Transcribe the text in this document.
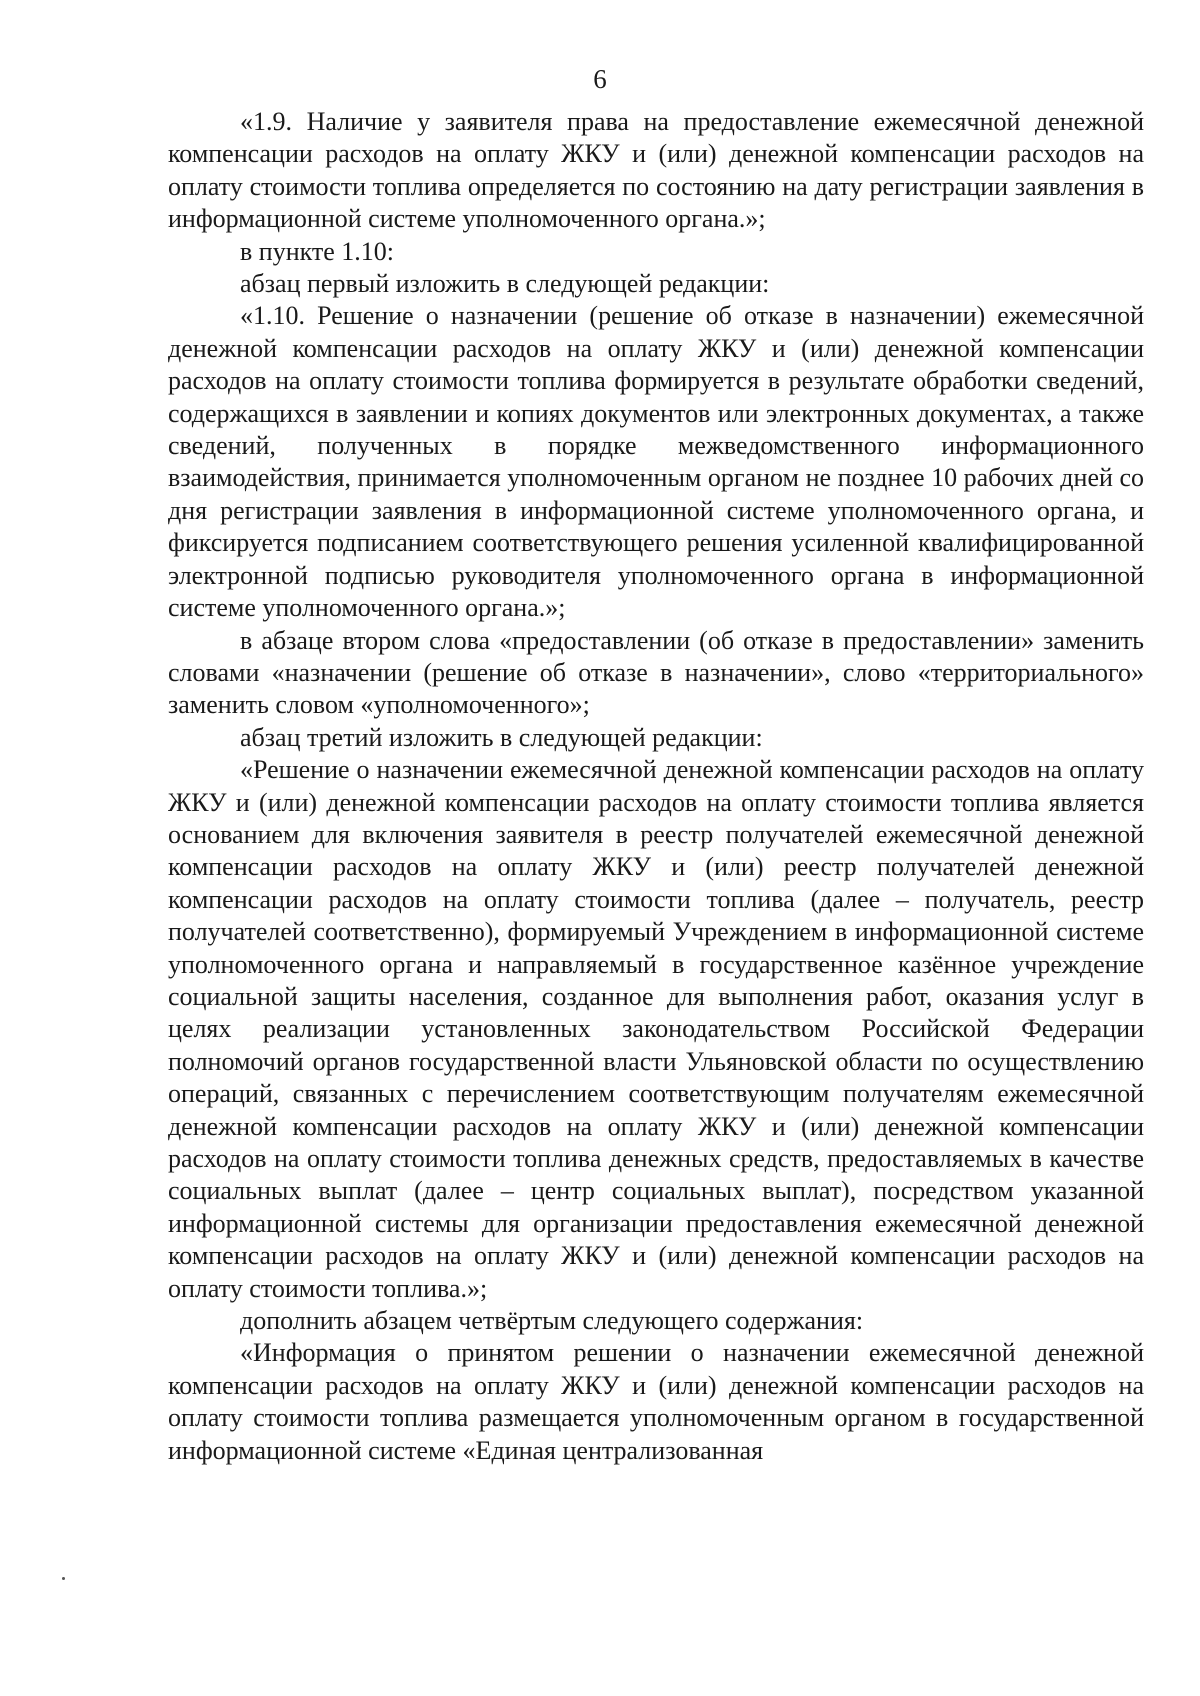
6

«1.9. Наличие у заявителя права на предоставление ежемесячной денежной компенсации расходов на оплату ЖКУ и (или) денежной компенсации расходов на оплату стоимости топлива определяется по состоянию на дату регистрации заявления в информационной системе уполномоченного органа.»;

в пункте 1.10:

абзац первый изложить в следующей редакции:

«1.10. Решение о назначении (решение об отказе в назначении) ежемесячной денежной компенсации расходов на оплату ЖКУ и (или) денежной компенсации расходов на оплату стоимости топлива формируется в результате обработки сведений, содержащихся в заявлении и копиях документов или электронных документах, а также сведений, полученных в порядке межведомственного информационного взаимодействия, принимается уполномоченным органом не позднее 10 рабочих дней со дня регистрации заявления в информационной системе уполномоченного органа, и фиксируется подписанием соответствующего решения усиленной квалифицированной электронной подписью руководителя уполномоченного органа в информационной системе уполномоченного органа.»;

в абзаце втором слова «предоставлении (об отказе в предоставлении» заменить словами «назначении (решение об отказе в назначении», слово «территориального» заменить словом «уполномоченного»;

абзац третий изложить в следующей редакции:

«Решение о назначении ежемесячной денежной компенсации расходов на оплату ЖКУ и (или) денежной компенсации расходов на оплату стоимости топлива является основанием для включения заявителя в реестр получателей ежемесячной денежной компенсации расходов на оплату ЖКУ и (или) реестр получателей денежной компенсации расходов на оплату стоимости топлива (далее – получатель, реестр получателей соответственно), формируемый Учреждением в информационной системе уполномоченного органа и направляемый в государственное казённое учреждение социальной защиты населения, созданное для выполнения работ, оказания услуг в целях реализации установленных законодательством Российской Федерации полномочий органов государственной власти Ульяновской области по осуществлению операций, связанных с перечислением соответствующим получателям ежемесячной денежной компенсации расходов на оплату ЖКУ и (или) денежной компенсации расходов на оплату стоимости топлива денежных средств, предоставляемых в качестве социальных выплат (далее – центр социальных выплат), посредством указанной информационной системы для организации предоставления ежемесячной денежной компенсации расходов на оплату ЖКУ и (или) денежной компенсации расходов на оплату стоимости топлива.»;

дополнить абзацем четвёртым следующего содержания:

«Информация о принятом решении о назначении ежемесячной денежной компенсации расходов на оплату ЖКУ и (или) денежной компенсации расходов на оплату стоимости топлива размещается уполномоченным органом в государственной информационной системе «Единая централизованная
